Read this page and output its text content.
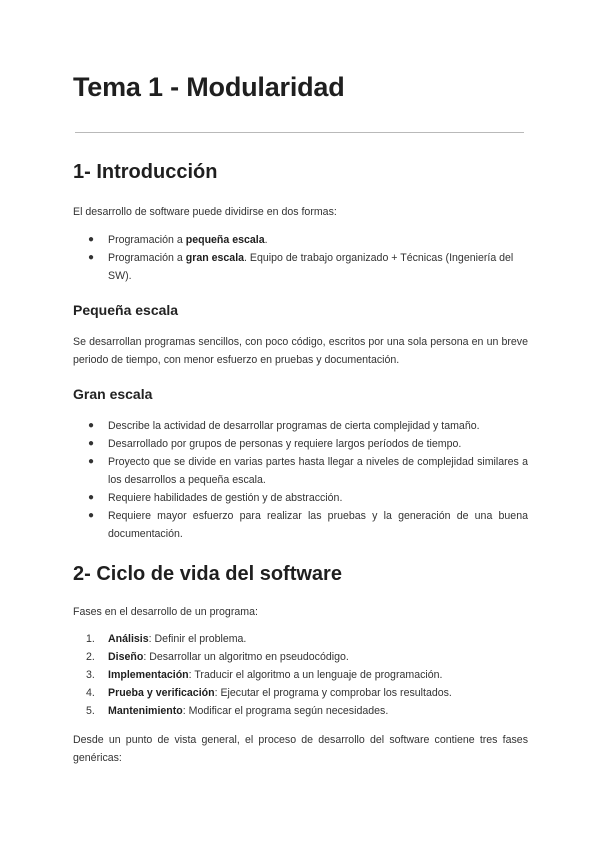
Tema 1 - Modularidad
1- Introducción

El desarrollo de software puede dividirse en dos formas:

● Programación a pequeña escala.
● Programación a gran escala. Equipo de trabajo organizado + Técnicas (Ingeniería del SW).
Pequeña escala

Se desarrollan programas sencillos, con poco código, escritos por una sola persona en un breve periodo de tiempo, con menor esfuerzo en pruebas y documentación.

Gran escala
● Describe la actividad de desarrollar programas de cierta complejidad y tamaño.
● Desarrollado por grupos de personas y requiere largos períodos de tiempo.
● Proyecto que se divide en varias partes hasta llegar a niveles de complejidad similares a los desarrollos a pequeña escala.
● Requiere habilidades de gestión y de abstracción.
● Requiere mayor esfuerzo para realizar las pruebas y la generación de una buena documentación.
2- Ciclo de vida del software

Fases en el desarrollo de un programa:

1.	Análisis: Definir el problema.
2.	Diseño: Desarrollar un algoritmo en pseudocódigo.
3.	Implementación: Traducir el algoritmo a un lenguaje de programación.
4.	Prueba y verificación: Ejecutar el programa y comprobar los resultados.
5.	Mantenimiento: Modificar el programa según necesidades.

Desde un punto de vista general, el proceso de desarrollo del software contiene tres fases genéricas:
